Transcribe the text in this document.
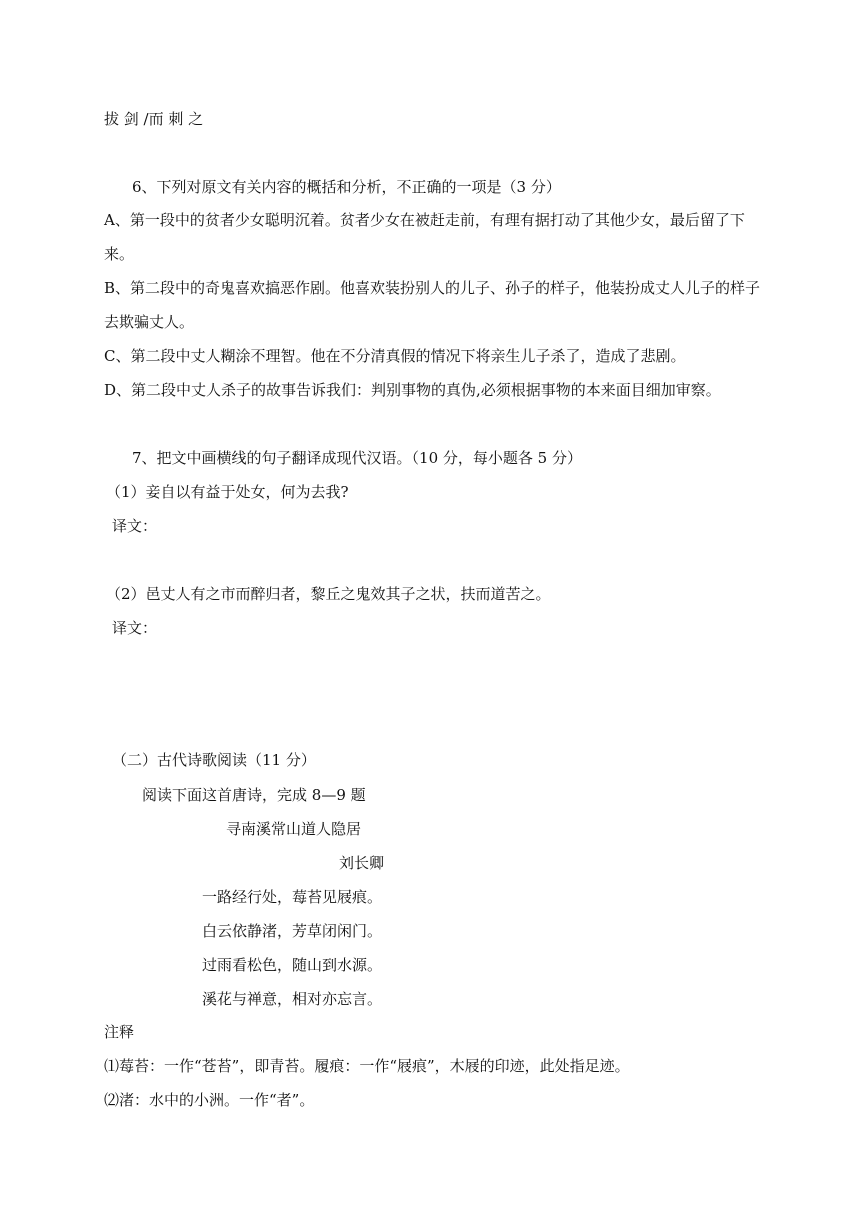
拔 剑 /而 刺 之
6、下列对原文有关内容的概括和分析，不正确的一项是（3 分）
A、第一段中的贫者少女聪明沉着。贫者少女在被赶走前，有理有据打动了其他少女，最后留了下
来。
B、第二段中的奇鬼喜欢搞恶作剧。他喜欢装扮别人的儿子、孙子的样子，他装扮成丈人儿子的样子
去欺骗丈人。
C、第二段中丈人糊涂不理智。他在不分清真假的情况下将亲生儿子杀了，造成了悲剧。
D、第二段中丈人杀子的故事告诉我们：判别事物的真伪,必须根据事物的本来面目细加审察。
7、把文中画横线的句子翻译成现代汉语。（10 分，每小题各 5 分）
（1）妾自以有益于处女，何为去我?
译文：
（2）邑丈人有之市而醉归者，黎丘之鬼效其子之状，扶而道苦之。
译文：
（二）古代诗歌阅读（11 分）
阅读下面这首唐诗，完成 8—9 题
寻南溪常山道人隐居
刘长卿
一路经行处，莓苔见屐痕。
白云依静渚，芳草闭闲门。
过雨看松色，随山到水源。
溪花与禅意，相对亦忘言。
注释
⑴莓苔：一作“苍苔”，即青苔。履痕：一作“屐痕”，木屐的印迹，此处指足迹。
⑵渚：水中的小洲。一作“者”。
